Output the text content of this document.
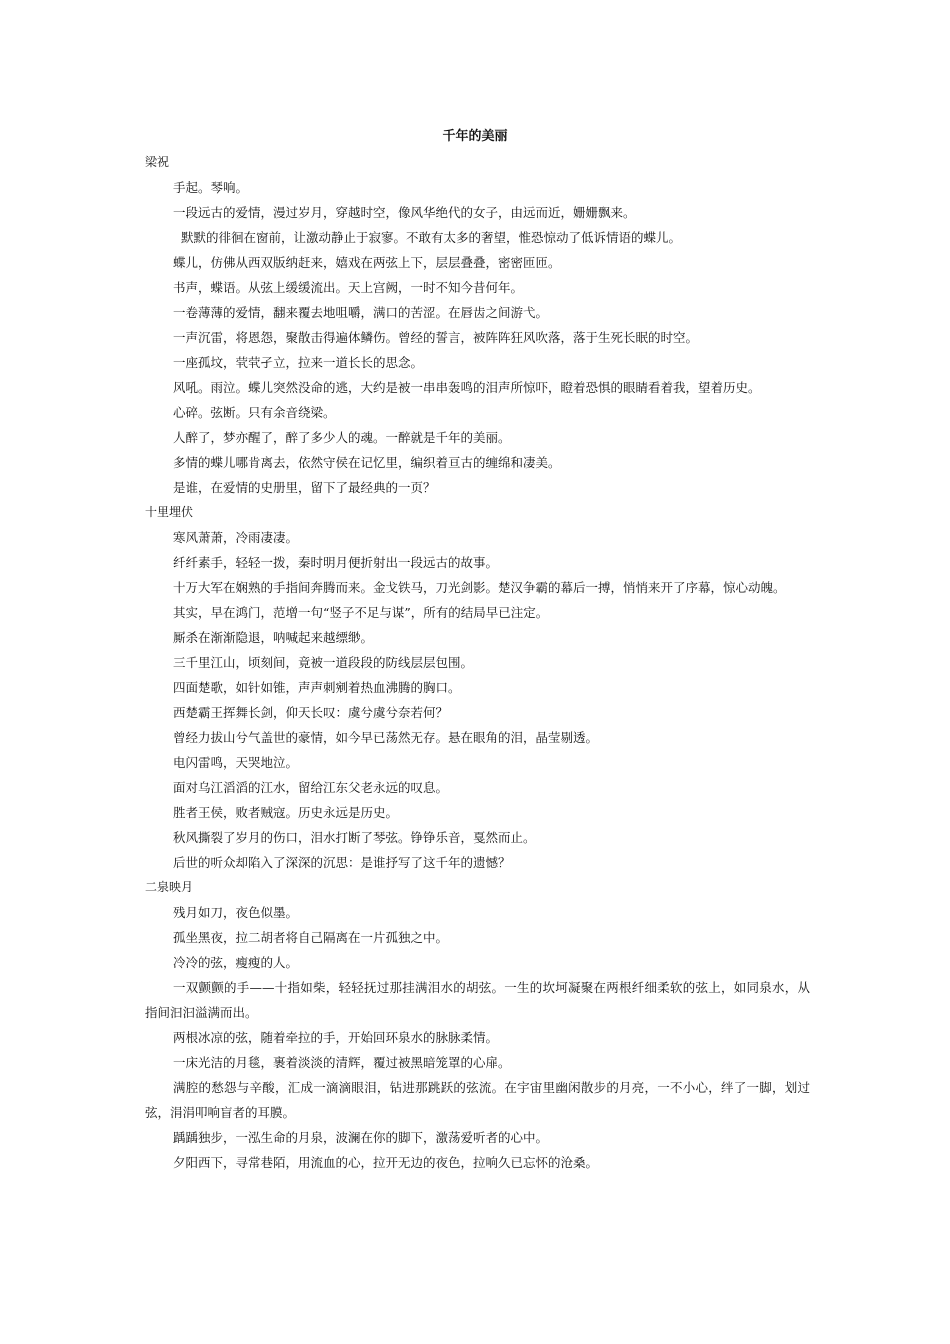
千年的美丽
梁祝

手起。琴响。

一段远古的爱情，漫过岁月，穿越时空，像风华绝代的女子，由远而近，姗姗飘来。

默默的徘徊在窗前，让激动静止于寂寥。不敢有太多的奢望，惟恐惊动了低诉情语的蝶儿。

蝶儿，仿佛从西双版纳赶来，嬉戏在两弦上下，层层叠叠，密密匝匝。

书声，蝶语。从弦上缓缓流出。天上宫阙，一时不知今昔何年。

一卷薄薄的爱情，翻来覆去地咀嚼，满口的苦涩。在唇齿之间游弋。

一声沉雷，将恩怨，聚散击得遍体鳞伤。曾经的誓言，被阵阵狂风吹落，落于生死长眠的时空。

一座孤坟，茕茕孑立，拉来一道长长的思念。

风吼。雨泣。蝶儿突然没命的逃，大约是被一串串轰鸣的泪声所惊吓，瞪着恐惧的眼睛看着我，望着历史。

心碎。弦断。只有余音绕梁。

人醉了，梦亦醒了，醉了多少人的魂。一醉就是千年的美丽。

多情的蝶儿哪肯离去，依然守侯在记忆里，编织着亘古的缠绵和凄美。

是谁，在爱情的史册里，留下了最经典的一页？

十里埋伏

寒风萧萧，冷雨凄凄。

纤纤素手，轻轻一拨，秦时明月便折射出一段远古的故事。

十万大军在娴熟的手指间奔腾而来。金戈铁马，刀光剑影。楚汉争霸的幕后一搏，悄悄来开了序幕，惊心动魄。

其实，早在鸿门，范增一句“竖子不足与谋”，所有的结局早已注定。

厮杀在渐渐隐退，呐喊起来越缥缈。

三千里江山，顷刻间，竟被一道段段的防线层层包围。

四面楚歌，如针如锥，声声刺剜着热血沸腾的胸口。

西楚霸王挥舞长剑，仰天长叹：虞兮虞兮奈若何？

曾经力拔山兮气盖世的豪情，如今早已荡然无存。悬在眼角的泪，晶莹剔透。

电闪雷鸣，天哭地泣。

面对乌江滔滔的江水，留给江东父老永远的叹息。

胜者王侯，败者贼寇。历史永远是历史。

秋风撕裂了岁月的伤口，泪水打断了琴弦。铮铮乐音，戛然而止。

后世的听众却陷入了深深的沉思：是谁抒写了这千年的遗憾？

二泉映月

残月如刀，夜色似墨。

孤坐黑夜，拉二胡者将自己隔离在一片孤独之中。

冷冷的弦，瘦瘦的人。

一双颤颤的手——十指如柴，轻轻抚过那挂满泪水的胡弦。一生的坎坷凝聚在两根纤细柔软的弦上，如同泉水，从指间汩汩溢满而出。

两根冰凉的弦，随着牵拉的手，开始回环泉水的脉脉柔情。

一床光洁的月毯，裹着淡淡的清辉，覆过被黑暗笼罩的心扉。

满腔的愁怨与辛酸，汇成一滴滴眼泪，钻进那跳跃的弦流。在宇宙里幽闲散步的月亮，一不小心，绊了一脚，划过弦，涓涓叩响盲者的耳膜。

踽踽独步，一泓生命的月泉，波澜在你的脚下，激荡爱听者的心中。

夕阳西下，寻常巷陌，用流血的心，拉开无边的夜色，拉响久已忘怀的沧桑。
